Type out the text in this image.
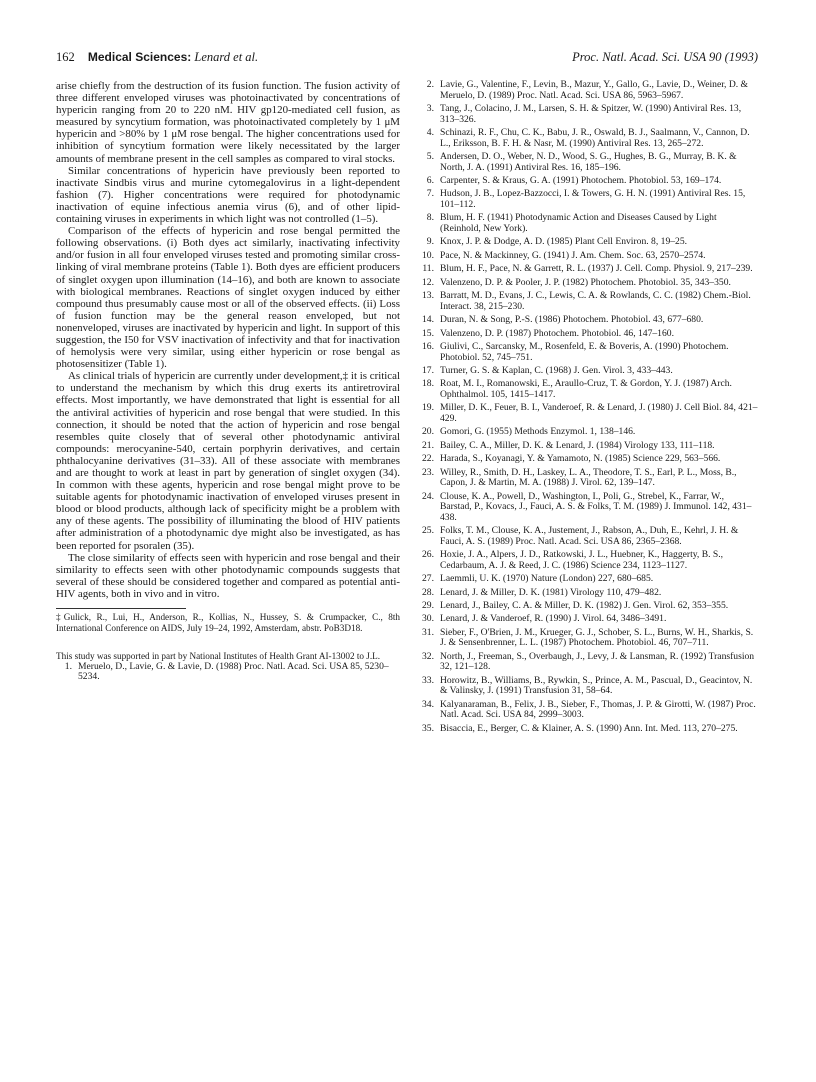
162 Medical Sciences: Lenard et al.	Proc. Natl. Acad. Sci. USA 90 (1993)

arise chiefly from the destruction of its fusion function. The fusion activity of three different enveloped viruses was photoinactivated by concentrations of hypericin ranging from 20 to 220 nM. HIV gp120-mediated cell fusion, as measured by syncytium formation, was photoinactivated completely by 1 μM hypericin and >80% by 1 μM rose bengal. The higher concentrations used for inhibition of syncytium formation were likely necessitated by the larger amounts of membrane present in the cell samples as compared to viral stocks.

Similar concentrations of hypericin have previously been reported to inactivate Sindbis virus and murine cytomegalovirus in a light-dependent fashion (7). Higher concentrations were required for photodynamic inactivation of equine infectious anemia virus (6), and of other lipid-containing viruses in experiments in which light was not controlled (1–5).

Comparison of the effects of hypericin and rose bengal permitted the following observations. (i) Both dyes act similarly, inactivating infectivity and/or fusion in all four enveloped viruses tested and promoting similar cross-linking of viral membrane proteins (Table 1). Both dyes are efficient producers of singlet oxygen upon illumination (14–16), and both are known to associate with biological membranes. Reactions of singlet oxygen induced by either compound thus presumably cause most or all of the observed effects. (ii) Loss of fusion function may be the general reason enveloped, but not nonenveloped, viruses are inactivated by hypericin and light. In support of this suggestion, the I50 for VSV inactivation of infectivity and that for inactivation of hemolysis were very similar, using either hypericin or rose bengal as photosensitizer (Table 1).

As clinical trials of hypericin are currently under development,‡ it is critical to understand the mechanism by which this drug exerts its antiretroviral effects. Most importantly, we have demonstrated that light is essential for all the antiviral activities of hypericin and rose bengal that were studied. In this connection, it should be noted that the action of hypericin and rose bengal resembles quite closely that of several other photodynamic antiviral compounds: merocyanine-540, certain porphyrin derivatives, and certain phthalocyanine derivatives (31–33). All of these associate with membranes and are thought to work at least in part by generation of singlet oxygen (34). In common with these agents, hypericin and rose bengal might prove to be suitable agents for photodynamic inactivation of enveloped viruses present in blood or blood products, although lack of specificity might be a problem with any of these agents. The possibility of illuminating the blood of HIV patients after administration of a photodynamic dye might also be investigated, as has been reported for psoralen (35).

The close similarity of effects seen with hypericin and rose bengal and their similarity to effects seen with other photodynamic compounds suggests that several of these should be considered together and compared as potential anti-HIV agents, both in vivo and in vitro.

‡Gulick, R., Lui, H., Anderson, R., Kollias, N., Hussey, S. & Crumpacker, C., 8th International Conference on AIDS, July 19–24, 1992, Amsterdam, abstr. PoB3D18.

This study was supported in part by National Institutes of Health Grant AI-13002 to J.L.

1. Meruelo, D., Lavie, G. & Lavie, D. (1988) Proc. Natl. Acad. Sci. USA 85, 5230–5234.
2. Lavie, G., Valentine, F., Levin, B., Mazur, Y., Gallo, G., Lavie, D., Weiner, D. & Meruelo, D. (1989) Proc. Natl. Acad. Sci. USA 86, 5963–5967.
3. Tang, J., Colacino, J. M., Larsen, S. H. & Spitzer, W. (1990) Antiviral Res. 13, 313–326.
4. Schinazi, R. F., Chu, C. K., Babu, J. R., Oswald, B. J., Saalmann, V., Cannon, D. L., Eriksson, B. F. H. & Nasr, M. (1990) Antiviral Res. 13, 265–272.
5. Andersen, D. O., Weber, N. D., Wood, S. G., Hughes, B. G., Murray, B. K. & North, J. A. (1991) Antiviral Res. 16, 185–196.
6. Carpenter, S. & Kraus, G. A. (1991) Photochem. Photobiol. 53, 169–174.
7. Hudson, J. B., Lopez-Bazzocci, I. & Towers, G. H. N. (1991) Antiviral Res. 15, 101–112.
8. Blum, H. F. (1941) Photodynamic Action and Diseases Caused by Light (Reinhold, New York).
9. Knox, J. P. & Dodge, A. D. (1985) Plant Cell Environ. 8, 19–25.
10. Pace, N. & Mackinney, G. (1941) J. Am. Chem. Soc. 63, 2570–2574.
11. Blum, H. F., Pace, N. & Garrett, R. L. (1937) J. Cell. Comp. Physiol. 9, 217–239.
12. Valenzeno, D. P. & Pooler, J. P. (1982) Photochem. Photobiol. 35, 343–350.
13. Barratt, M. D., Evans, J. C., Lewis, C. A. & Rowlands, C. C. (1982) Chem.-Biol. Interact. 38, 215–230.
14. Duran, N. & Song, P.-S. (1986) Photochem. Photobiol. 43, 677–680.
15. Valenzeno, D. P. (1987) Photochem. Photobiol. 46, 147–160.
16. Giulivi, C., Sarcansky, M., Rosenfeld, E. & Boveris, A. (1990) Photochem. Photobiol. 52, 745–751.
17. Turner, G. S. & Kaplan, C. (1968) J. Gen. Virol. 3, 433–443.
18. Roat, M. I., Romanowski, E., Araullo-Cruz, T. & Gordon, Y. J. (1987) Arch. Ophthalmol. 105, 1415–1417.
19. Miller, D. K., Feuer, B. I., Vanderoef, R. & Lenard, J. (1980) J. Cell Biol. 84, 421–429.
20. Gomori, G. (1955) Methods Enzymol. 1, 138–146.
21. Bailey, C. A., Miller, D. K. & Lenard, J. (1984) Virology 133, 111–118.
22. Harada, S., Koyanagi, Y. & Yamamoto, N. (1985) Science 229, 563–566.
23. Willey, R., Smith, D. H., Laskey, L. A., Theodore, T. S., Earl, P. L., Moss, B., Capon, J. & Martin, M. A. (1988) J. Virol. 62, 139–147.
24. Clouse, K. A., Powell, D., Washington, I., Poli, G., Strebel, K., Farrar, W., Barstad, P., Kovacs, J., Fauci, A. S. & Folks, T. M. (1989) J. Immunol. 142, 431–438.
25. Folks, T. M., Clouse, K. A., Justement, J., Rabson, A., Duh, E., Kehrl, J. H. & Fauci, A. S. (1989) Proc. Natl. Acad. Sci. USA 86, 2365–2368.
26. Hoxie, J. A., Alpers, J. D., Ratkowski, J. L., Huebner, K., Haggerty, B. S., Cedarbaum, A. J. & Reed, J. C. (1986) Science 234, 1123–1127.
27. Laemmli, U. K. (1970) Nature (London) 227, 680–685.
28. Lenard, J. & Miller, D. K. (1981) Virology 110, 479–482.
29. Lenard, J., Bailey, C. A. & Miller, D. K. (1982) J. Gen. Virol. 62, 353–355.
30. Lenard, J. & Vanderoef, R. (1990) J. Virol. 64, 3486–3491.
31. Sieber, F., O'Brien, J. M., Krueger, G. J., Schober, S. L., Burns, W. H., Sharkis, S. J. & Sensenbrenner, L. L. (1987) Photochem. Photobiol. 46, 707–711.
32. North, J., Freeman, S., Overbaugh, J., Levy, J. & Lansman, R. (1992) Transfusion 32, 121–128.
33. Horowitz, B., Williams, B., Rywkin, S., Prince, A. M., Pascual, D., Geacintov, N. & Valinsky, J. (1991) Transfusion 31, 58–64.
34. Kalyanaraman, B., Felix, J. B., Sieber, F., Thomas, J. P. & Girotti, W. (1987) Proc. Natl. Acad. Sci. USA 84, 2999–3003.
35. Bisaccia, E., Berger, C. & Klainer, A. S. (1990) Ann. Int. Med. 113, 270–275.
